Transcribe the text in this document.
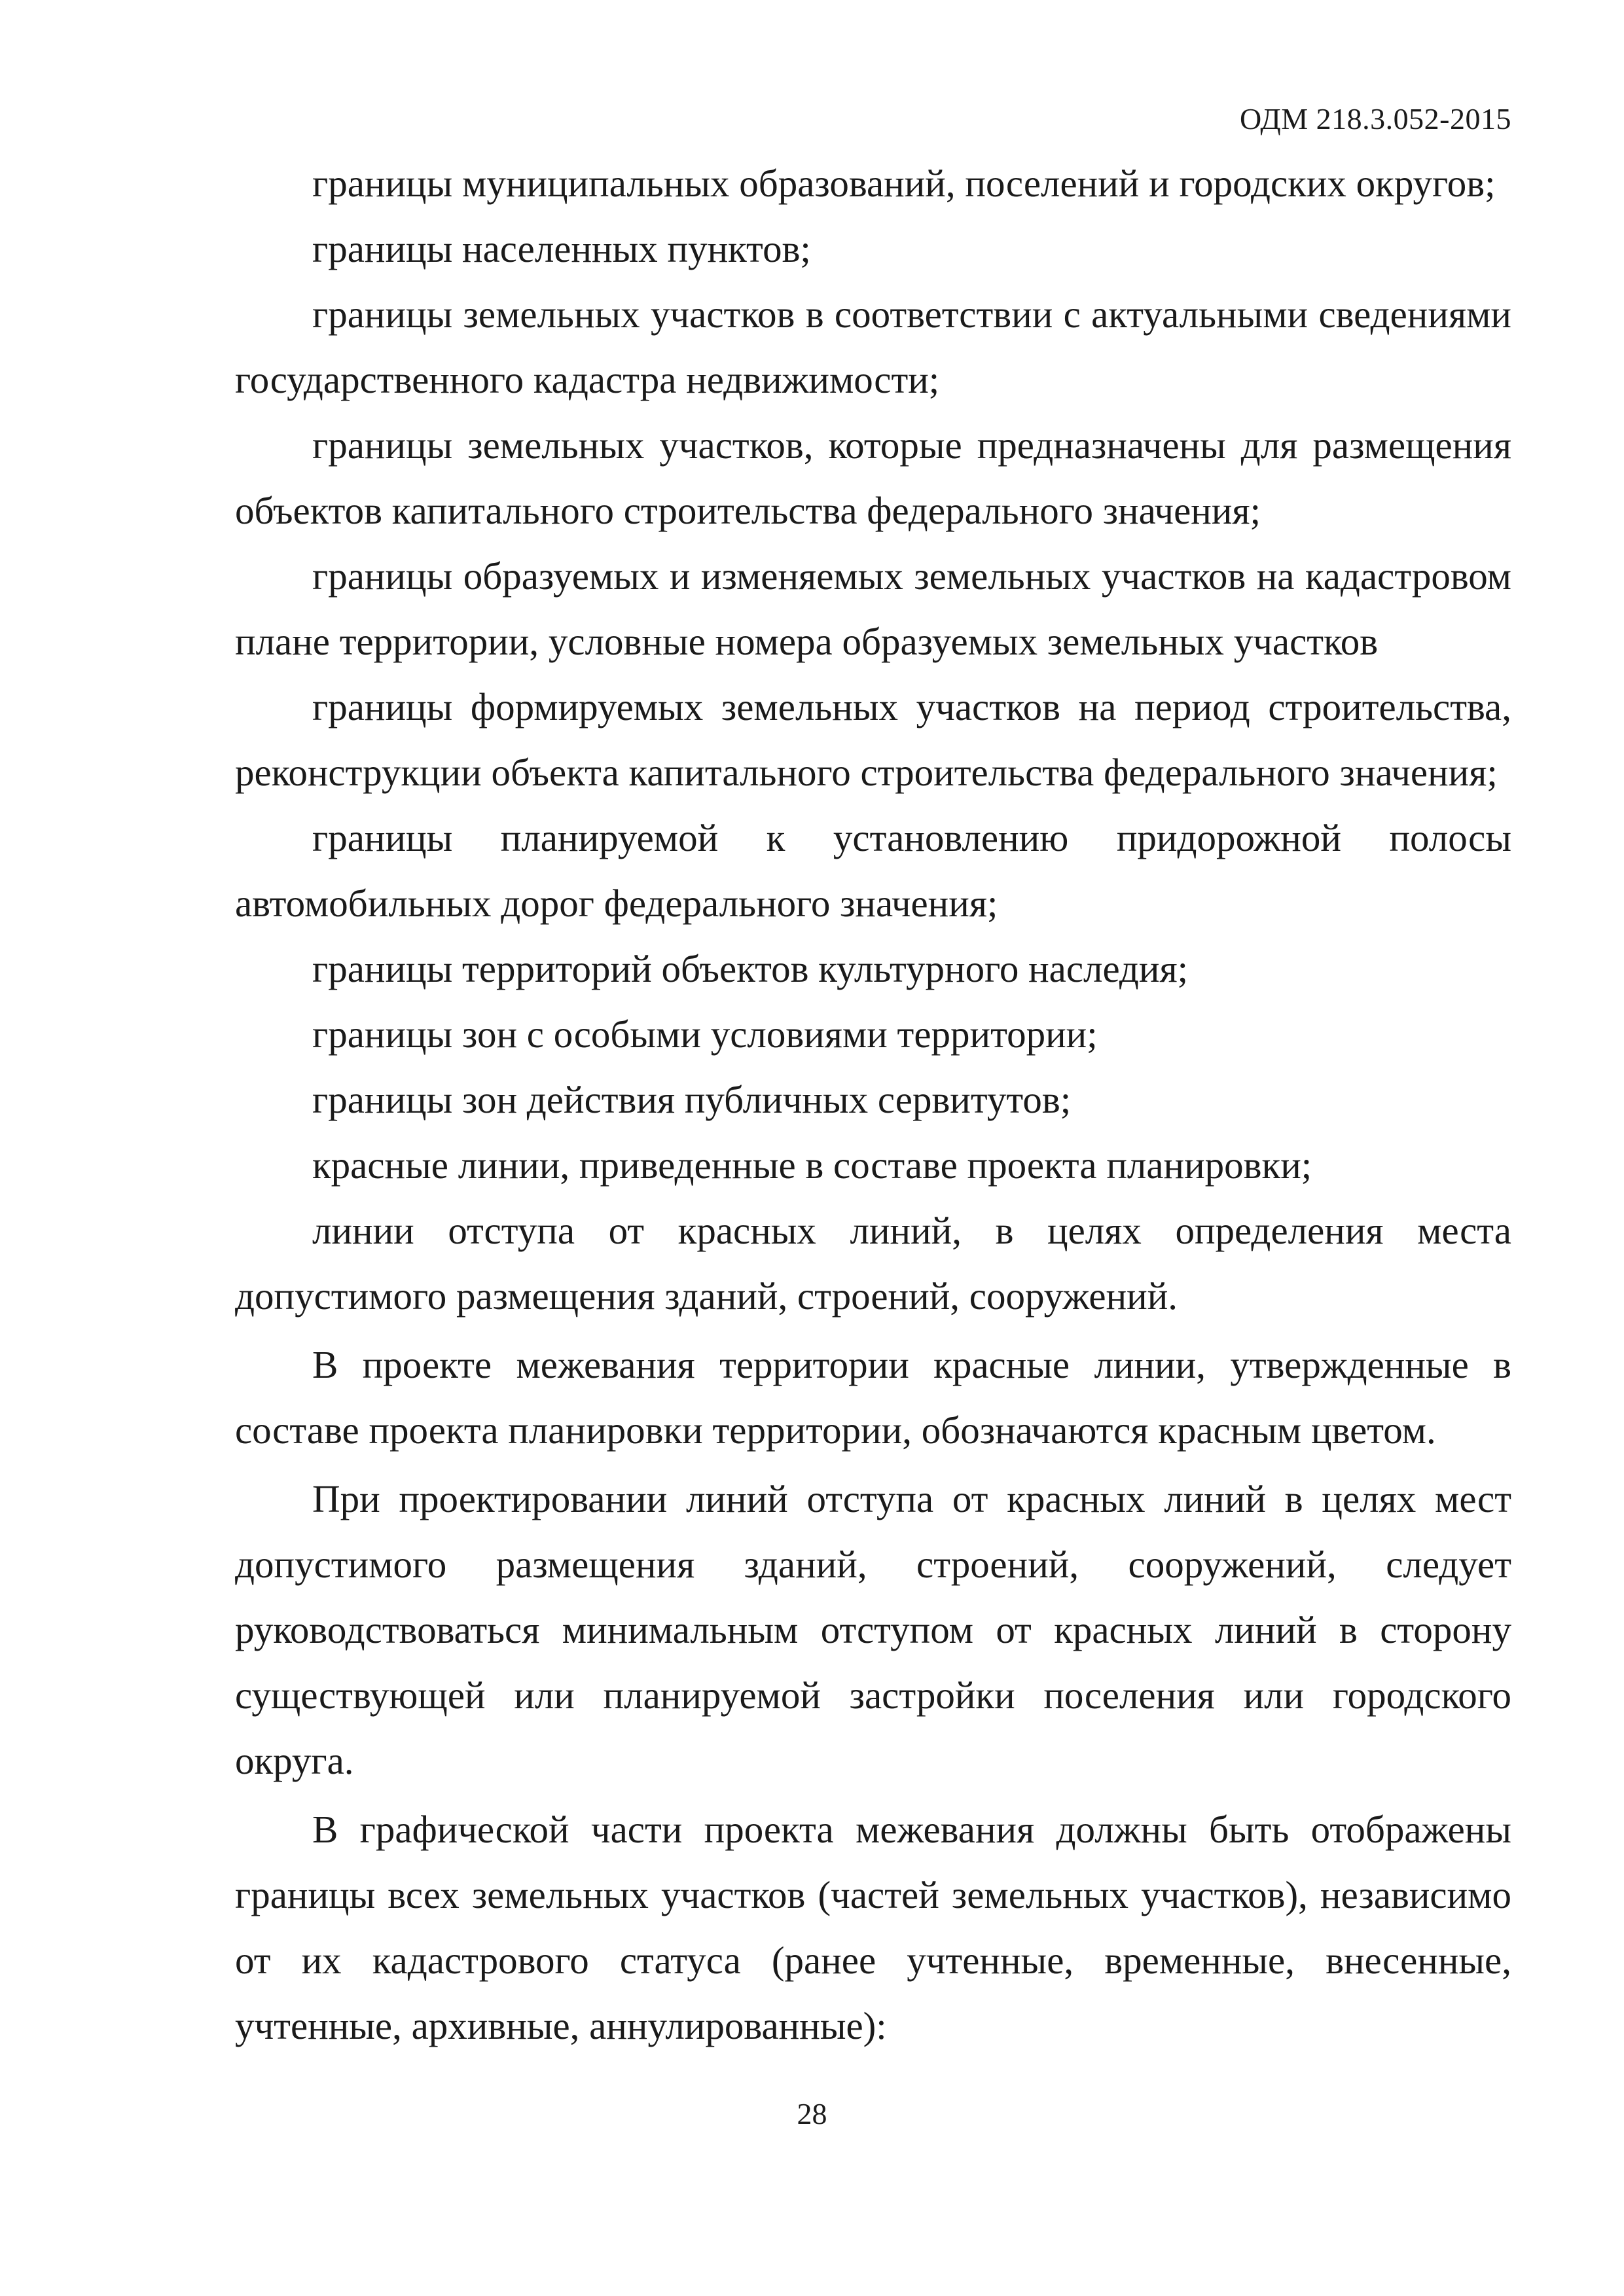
ОДМ 218.3.052-2015

границы муниципальных образований, поселений и городских округов;

границы населенных пунктов;

границы земельных участков в соответствии с актуальными сведениями государственного кадастра недвижимости;

границы земельных участков, которые предназначены для размещения объектов капитального строительства федерального значения;

границы образуемых и изменяемых земельных участков на кадастровом плане территории, условные номера образуемых земельных участков

границы формируемых земельных участков на период строительства, реконструкции объекта капитального строительства федерального значения;

границы планируемой к установлению придорожной полосы автомобильных дорог федерального значения;

границы территорий объектов культурного наследия;

границы зон с особыми условиями территории;

границы зон действия публичных сервитутов;

красные линии, приведенные в составе проекта планировки;

линии отступа от красных линий, в целях определения места допустимого размещения зданий, строений, сооружений.

В проекте межевания территории красные линии, утвержденные в составе проекта планировки территории, обозначаются красным цветом.

При проектировании линий отступа от красных линий в целях мест допустимого размещения зданий, строений, сооружений, следует руководствоваться минимальным отступом от красных линий в сторону существующей или планируемой застройки поселения или городского округа.

В графической части проекта межевания должны быть отображены границы всех земельных участков (частей земельных участков), независимо от их кадастрового статуса (ранее учтенные, временные, внесенные, учтенные, архивные, аннулированные):

28
